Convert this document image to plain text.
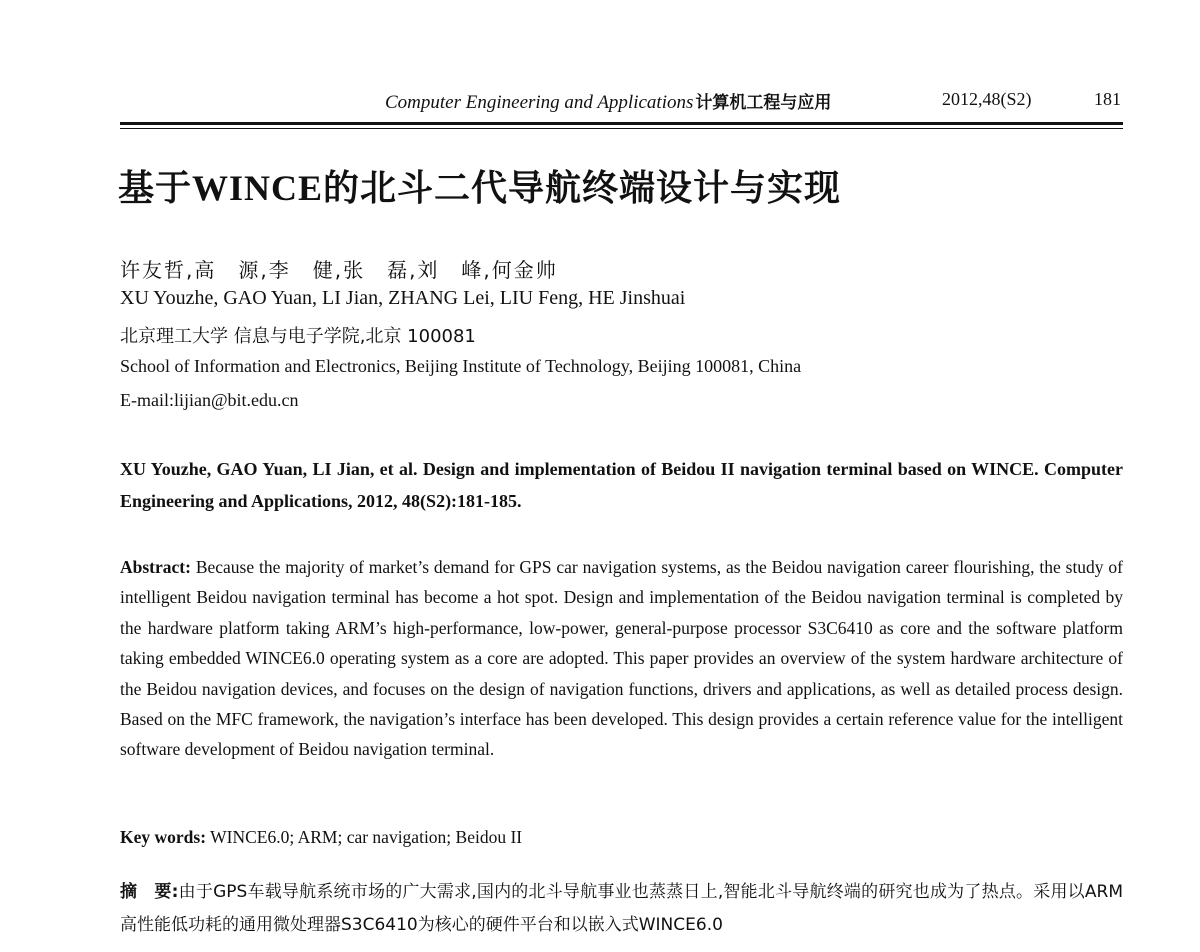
Computer Engineering and Applications 计算机工程与应用	2012,48(S2)	181
基于WINCE的北斗二代导航终端设计与实现
许友哲,高　源,李　健,张　磊,刘　峰,何金帅
XU Youzhe, GAO Yuan, LI Jian, ZHANG Lei, LIU Feng, HE Jinshuai
北京理工大学 信息与电子学院,北京 100081
School of Information and Electronics, Beijing Institute of Technology, Beijing 100081, China
E-mail:lijian@bit.edu.cn

XU Youzhe, GAO Yuan, LI Jian, et al. Design and implementation of Beidou II navigation terminal based on WINCE. Computer Engineering and Applications, 2012, 48(S2):181-185.

Abstract: Because the majority of market’s demand for GPS car navigation systems, as the Beidou navigation career flourishing, the study of intelligent Beidou navigation terminal has become a hot spot. Design and implementation of the Beidou navigation terminal is completed by the hardware platform taking ARM’s high-performance, low-power, general-purpose processor S3C6410 as core and the software platform taking embedded WINCE6.0 operating system as a core are adopted. This paper provides an overview of the system hardware architecture of the Beidou navigation devices, and focuses on the design of navigation functions, drivers and applications, as well as detailed process design. Based on the MFC framework, the navigation’s interface has been developed. This design provides a certain reference value for the intelligent software development of Beidou navigation terminal.

Key words: WINCE6.0; ARM; car navigation; Beidou II

摘　要:由于GPS车载导航系统市场的广大需求,国内的北斗导航事业也蒸蒸日上,智能北斗导航终端的研究也成为了热点。采用以ARM高性能低功耗的通用微处理器S3C6410为核心的硬件平台和以嵌入式WINCE6.0
